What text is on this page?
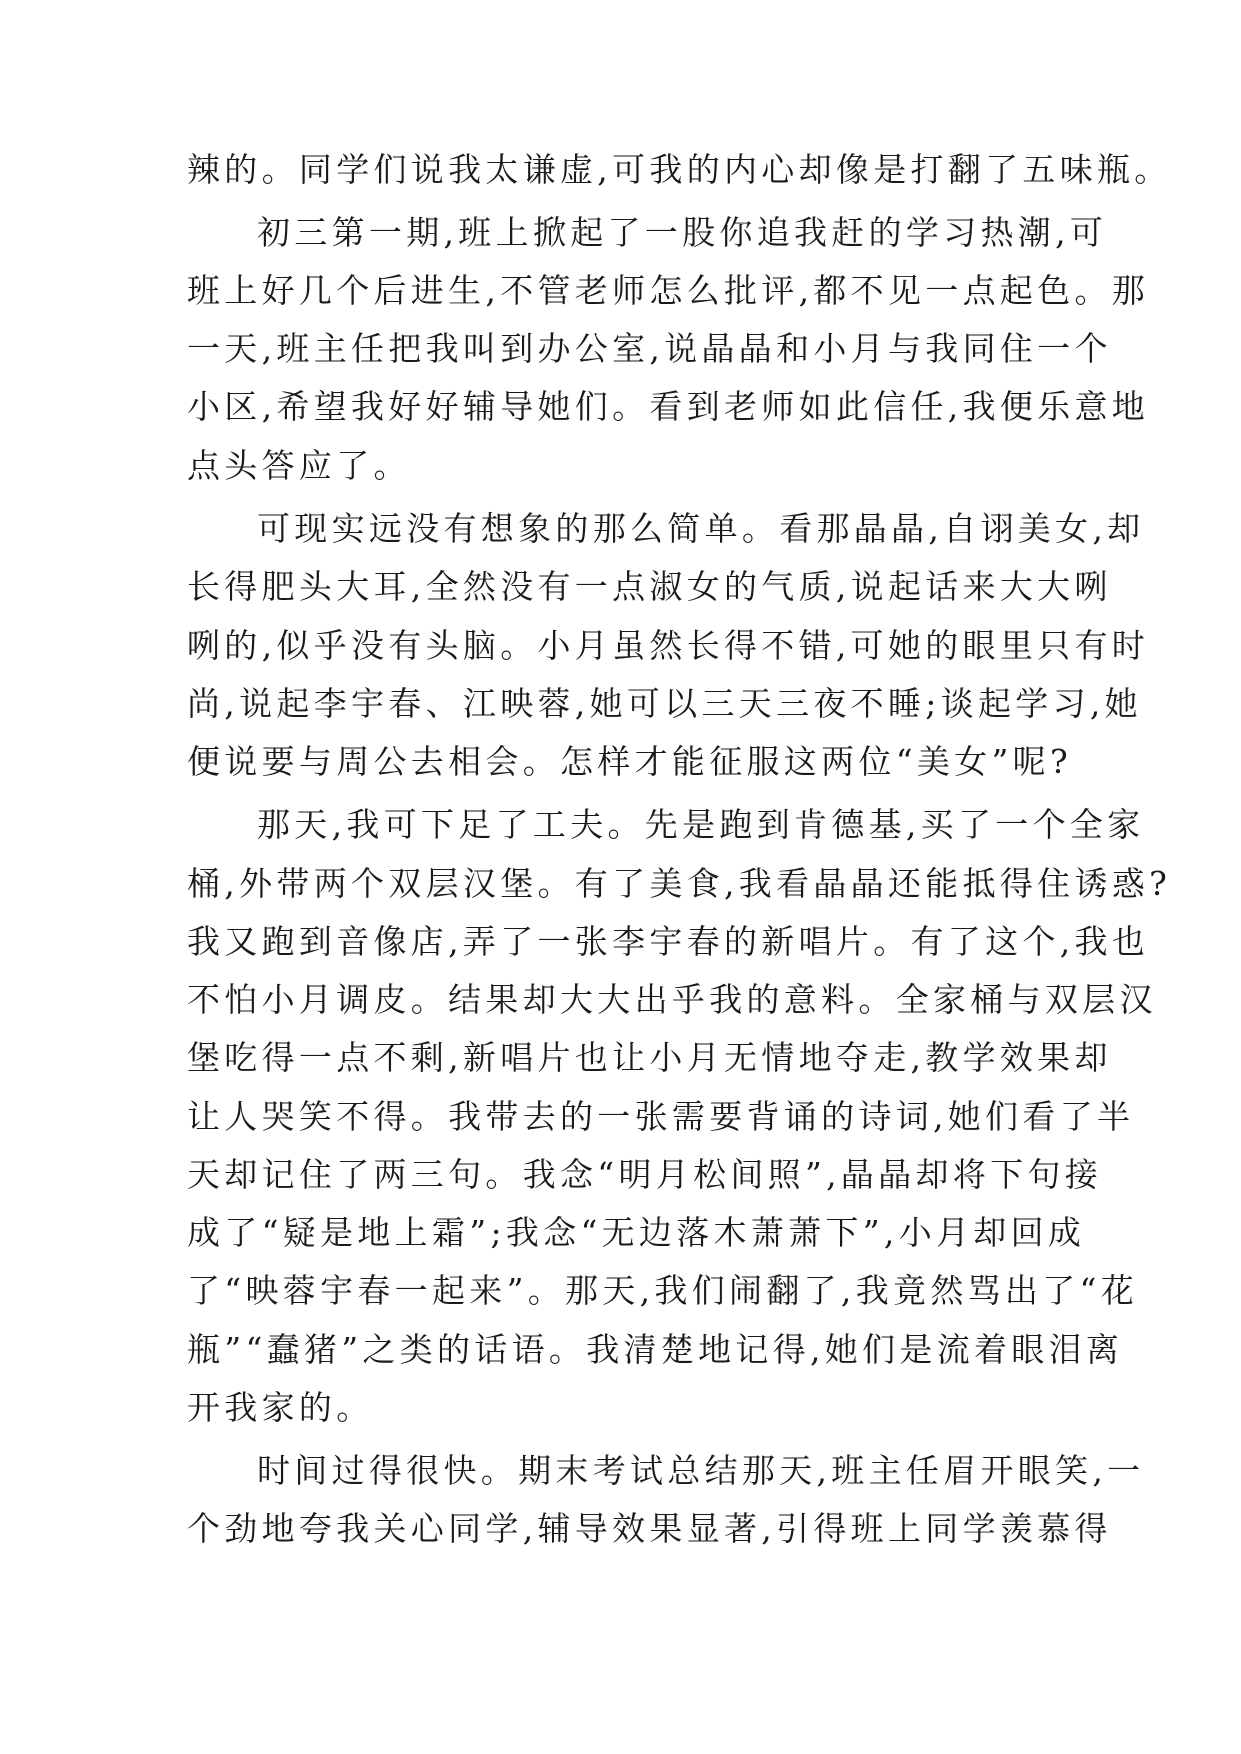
辣的。同学们说我太谦虚,可我的内心却像是打翻了五味瓶。
初三第一期,班上掀起了一股你追我赶的学习热潮,可
班上好几个后进生,不管老师怎么批评,都不见一点起色。那
一天,班主任把我叫到办公室,说晶晶和小月与我同住一个
小区,希望我好好辅导她们。看到老师如此信任,我便乐意地
点头答应了。
可现实远没有想象的那么简单。看那晶晶,自诩美女,却
长得肥头大耳,全然没有一点淑女的气质,说起话来大大咧
咧的,似乎没有头脑。小月虽然长得不错,可她的眼里只有时
尚,说起李宇春、江映蓉,她可以三天三夜不睡;谈起学习,她
便说要与周公去相会。怎样才能征服这两位“美女”呢?
那天,我可下足了工夫。先是跑到肯德基,买了一个全家
桶,外带两个双层汉堡。有了美食,我看晶晶还能抵得住诱惑?
我又跑到音像店,弄了一张李宇春的新唱片。有了这个,我也
不怕小月调皮。结果却大大出乎我的意料。全家桶与双层汉
堡吃得一点不剩,新唱片也让小月无情地夺走,教学效果却
让人哭笑不得。我带去的一张需要背诵的诗词,她们看了半
天却记住了两三句。我念“明月松间照”,晶晶却将下句接
成了“疑是地上霜”;我念“无边落木萧萧下”,小月却回成
了“映蓉宇春一起来”。那天,我们闹翻了,我竟然骂出了“花
瓶”“蠢猪”之类的话语。我清楚地记得,她们是流着眼泪离
开我家的。
时间过得很快。期末考试总结那天,班主任眉开眼笑,一
个劲地夸我关心同学,辅导效果显著,引得班上同学羡慕得
